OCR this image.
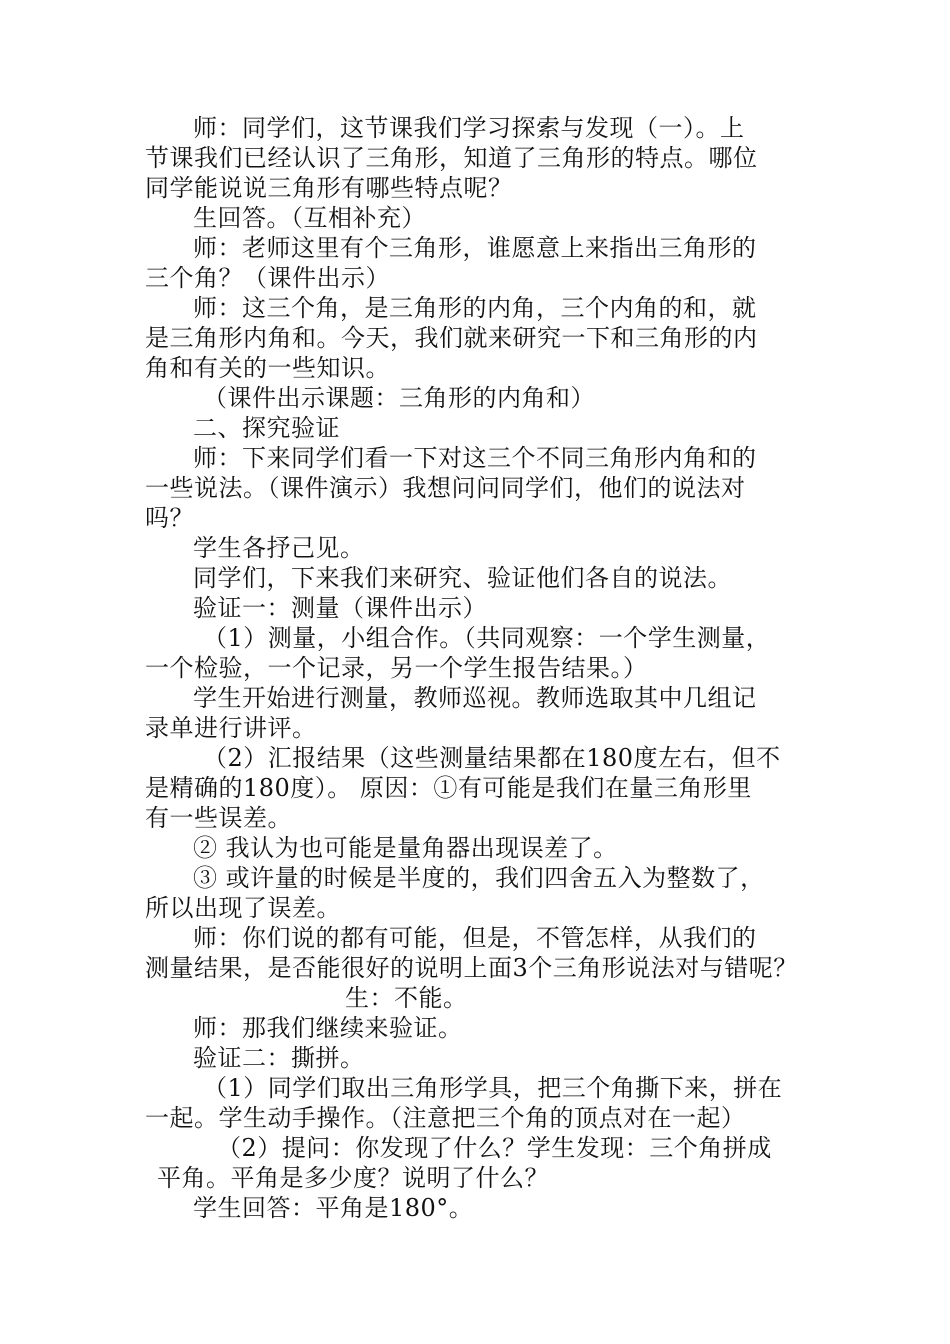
师：同学们，这节课我们学习探索与发现（一）。上
节课我们已经认识了三角形，知道了三角形的特点。哪位
同学能说说三角形有哪些特点呢？
生回答。（互相补充）
师：老师这里有个三角形，谁愿意上来指出三角形的
三个角？（课件出示）
师：这三个角，是三角形的内角，三个内角的和，就
是三角形内角和。今天，我们就来研究一下和三角形的内
角和有关的一些知识。
（课件出示课题：三角形的内角和）
二、探究验证
师：下来同学们看一下对这三个不同三角形内角和的
一些说法。（课件演示）我想问问同学们，他们的说法对
吗？
学生各抒己见。
同学们，下来我们来研究、验证他们各自的说法。
验证一：测量（课件出示）
（1）测量，小组合作。（共同观察：一个学生测量，
一个检验，一个记录，另一个学生报告结果。）
学生开始进行测量，教师巡视。教师选取其中几组记
录单进行讲评。
（2）汇报结果（这些测量结果都在180度左右，但不
是精确的180度）。 原因：①有可能是我们在量三角形里
有一些误差。
② 我认为也可能是量角器出现误差了。
③ 或许量的时候是半度的，我们四舍五入为整数了，
所以出现了误差。
师：你们说的都有可能，但是，不管怎样，从我们的
测量结果，是否能很好的说明上面3个三角形说法对与错呢？
生：不能。
师：那我们继续来验证。
验证二：撕拼。
（1）同学们取出三角形学具，把三个角撕下来，拼在
一起。学生动手操作。（注意把三个角的顶点对在一起）
（2）提问：你发现了什么？学生发现：三个角拼成
平角。平角是多少度？说明了什么？
学生回答：平角是180°。
